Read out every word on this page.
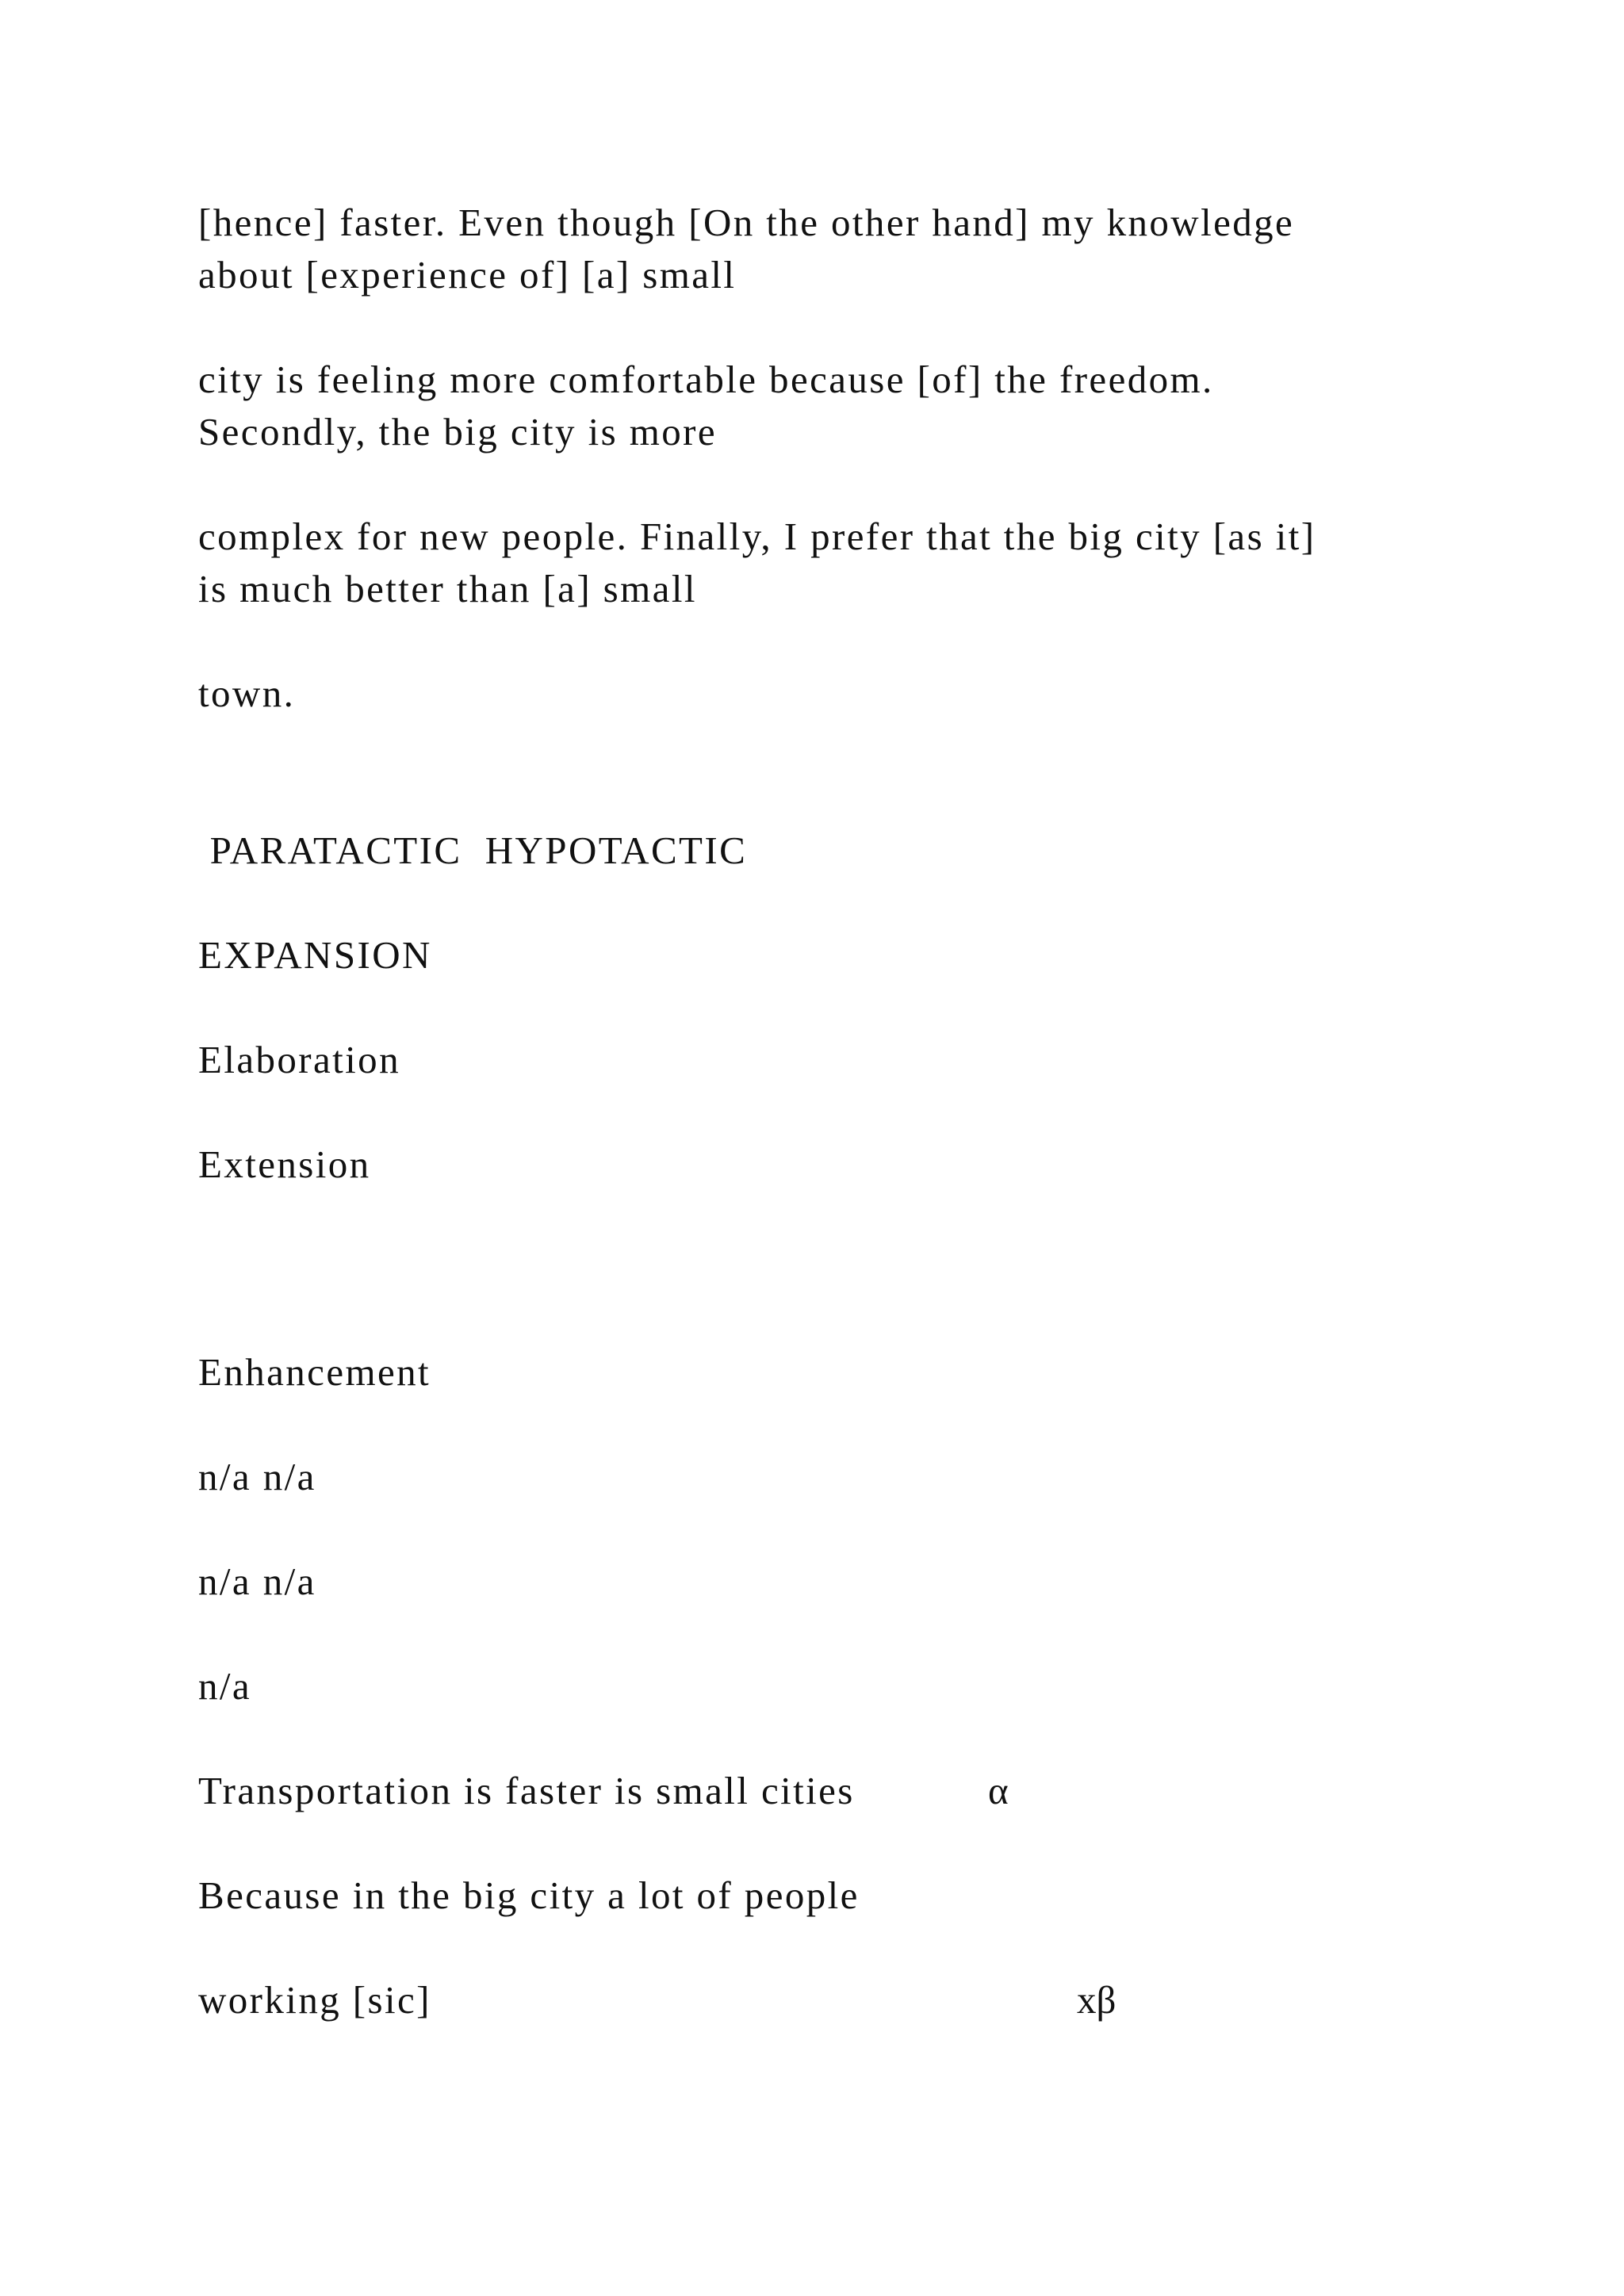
[hence] faster. Even though [On the other hand] my knowledge
about [experience of] [a] small
city is feeling more comfortable because [of] the freedom.
Secondly, the big city is more
complex for new people. Finally, I prefer that the big city [as it]
is much better than [a] small
town.
PARATACTIC  HYPOTACTIC
EXPANSION
Elaboration
Extension
Enhancement
n/a n/a
n/a n/a
n/a
Transportation is faster is small cities	α
Because in the big city a lot of people
working [sic]	xβ
